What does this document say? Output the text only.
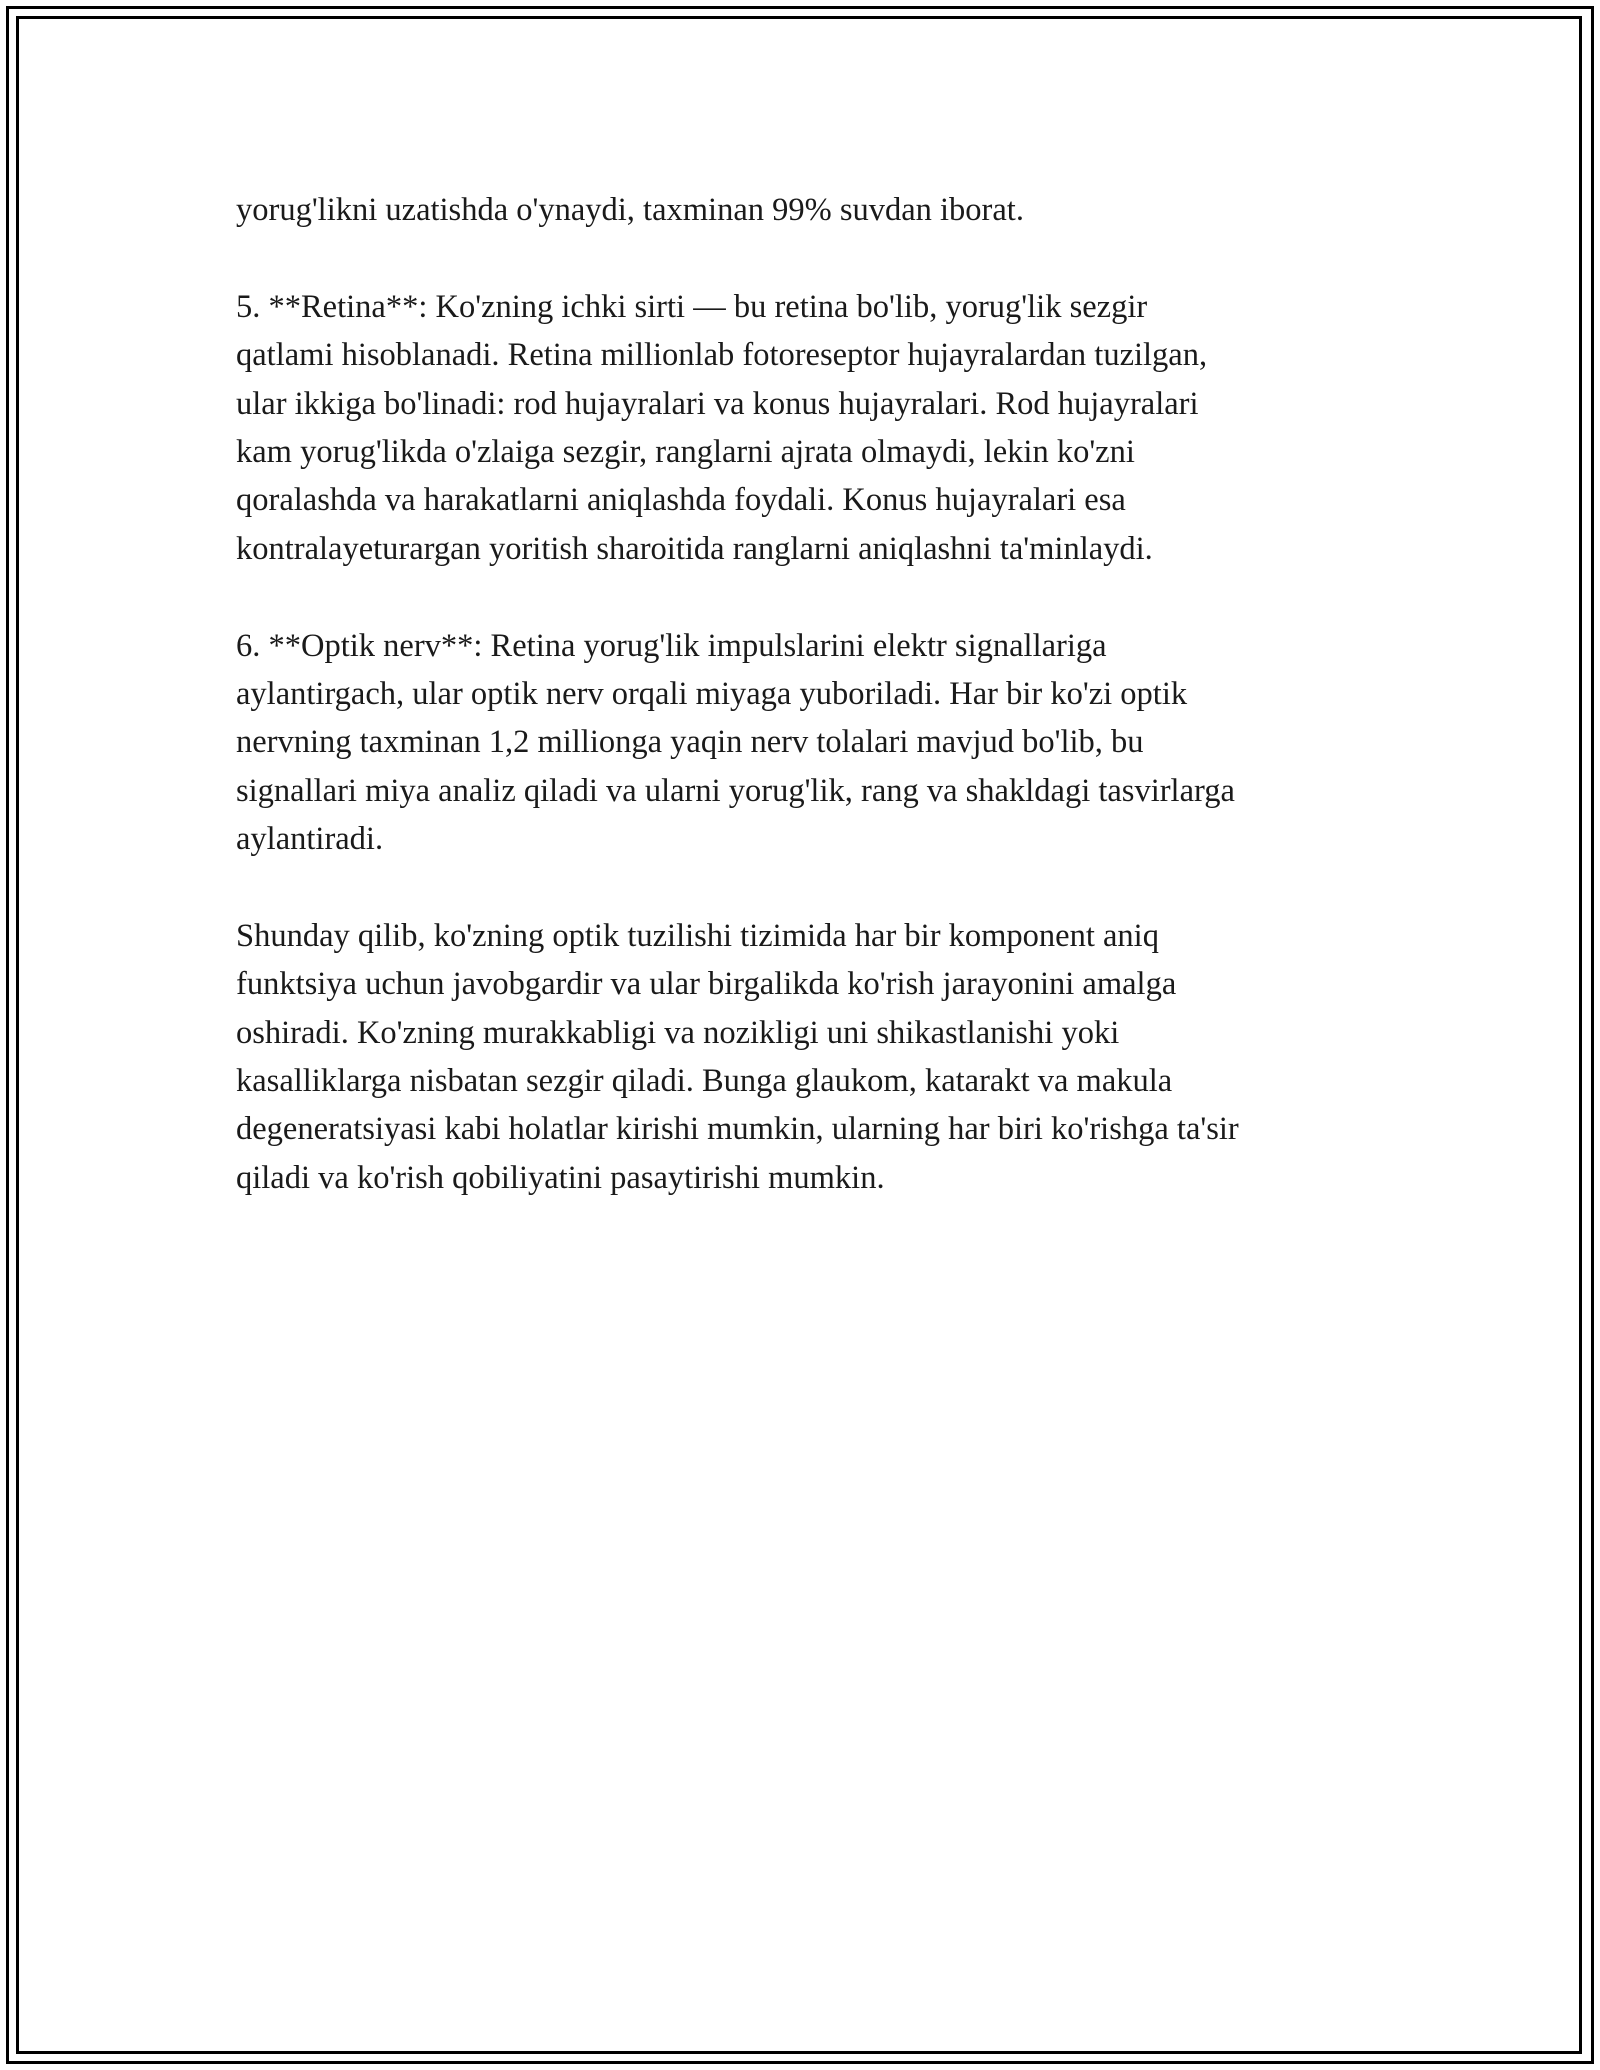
yorug'likni uzatishda o'ynaydi, taxminan 99% suvdan iborat.

5. **Retina**: Ko'zning ichki sirti — bu retina bo'lib, yorug'lik sezgir
qatlami hisoblanadi. Retina millionlab fotoreseptor hujayralardan tuzilgan,
ular ikkiga bo'linadi: rod hujayralari va konus hujayralari. Rod hujayralari
kam yorug'likda o'zlaiga sezgir, ranglarni ajrata olmaydi, lekin ko'zni
qoralashda va harakatlarni aniqlashda foydali. Konus hujayralari esa
kontralayeturargan yoritish sharoitida ranglarni aniqlashni ta'minlaydi.

6. **Optik nerv**: Retina yorug'lik impulslarini elektr signallariga
aylantirgach, ular optik nerv orqali miyaga yuboriladi. Har bir ko'zi optik
nervning taxminan 1,2 millionga yaqin nerv tolalari mavjud bo'lib, bu
signallari miya analiz qiladi va ularni yorug'lik, rang va shakldagi tasvirlarga
aylantiradi.

Shunday qilib, ko'zning optik tuzilishi tizimida har bir komponent aniq
funktsiya uchun javobgardir va ular birgalikda ko'rish jarayonini amalga
oshiradi. Ko'zning murakkabligi va nozikligi uni shikastlanishi yoki
kasalliklarga nisbatan sezgir qiladi. Bunga glaukom, katarakt va makula
degeneratsiyasi kabi holatlar kirishi mumkin, ularning har biri ko'rishga ta'sir
qiladi va ko'rish qobiliyatini pasaytirishi mumkin.
